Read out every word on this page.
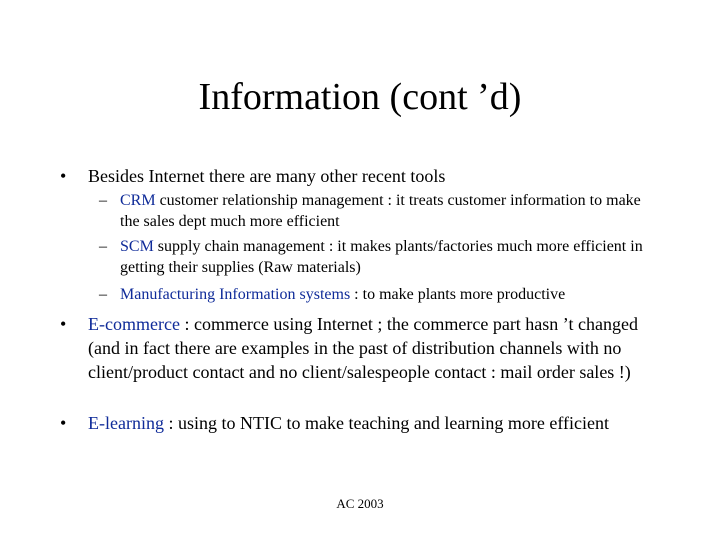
Information (cont ’d)
•	Besides Internet there are many other recent tools
– CRM customer relationship management : it treats customer information to make the sales dept much more efficient
– SCM supply chain management : it makes plants/factories much more efficient in getting their supplies (Raw materials)
– Manufacturing Information systems : to make plants more productive
•	E-commerce : commerce using Internet ; the commerce part hasn ’t changed (and in fact there are examples in the past of distribution channels with no client/product contact and no client/salespeople contact : mail order sales !)
•	E-learning : using to NTIC to make teaching and learning more efficient
AC 2003
